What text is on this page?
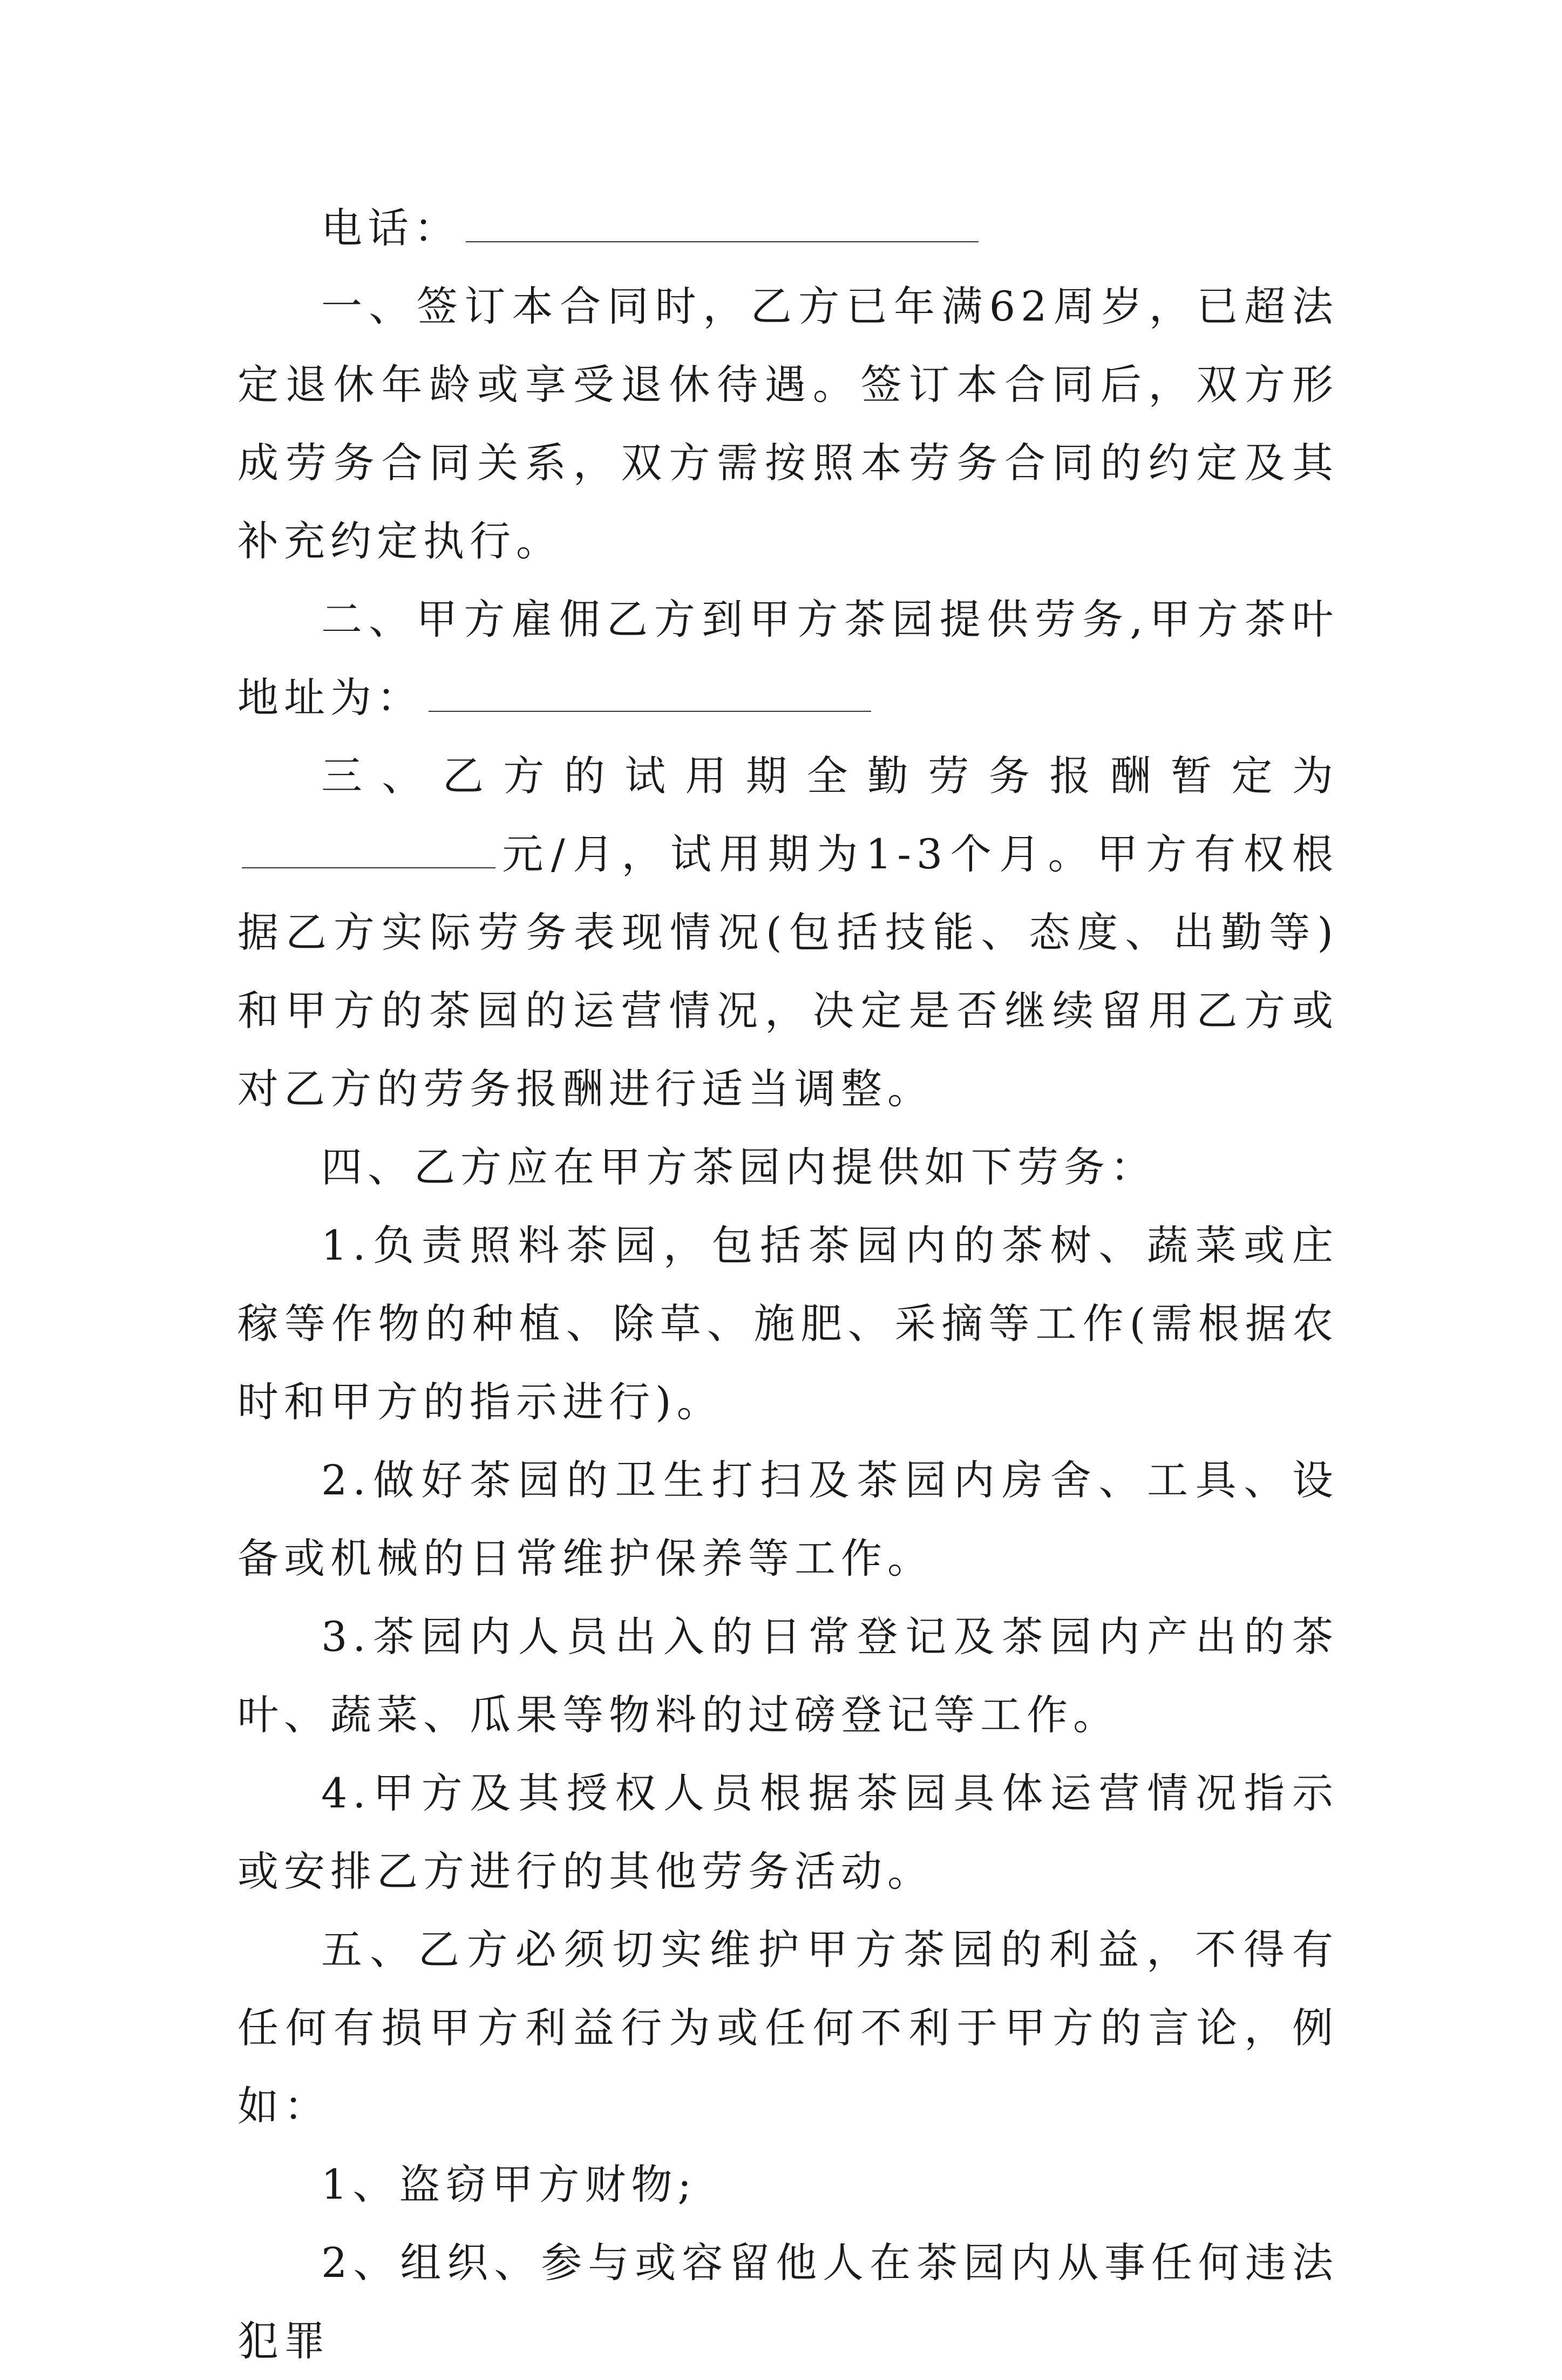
电话：

一、签订本合同时，乙方已年满62周岁，已超法定退休年龄或享受退休待遇。签订本合同后，双方形成劳务合同关系，双方需按照本劳务合同的约定及其补充约定执行。

二、甲方雇佣乙方到甲方茶园提供劳务,甲方茶叶地址为：

三、乙方的试用期全勤劳务报酬暂定为元/月，试用期为1-3个月。甲方有权根据乙方实际劳务表现情况(包括技能、态度、出勤等)和甲方的茶园的运营情况，决定是否继续留用乙方或对乙方的劳务报酬进行适当调整。

四、乙方应在甲方茶园内提供如下劳务：

1.负责照料茶园，包括茶园内的茶树、蔬菜或庄稼等作物的种植、除草、施肥、采摘等工作(需根据农时和甲方的指示进行)。

2.做好茶园的卫生打扫及茶园内房舍、工具、设备或机械的日常维护保养等工作。

3.茶园内人员出入的日常登记及茶园内产出的茶叶、蔬菜、瓜果等物料的过磅登记等工作。

4.甲方及其授权人员根据茶园具体运营情况指示或安排乙方进行的其他劳务活动。

五、乙方必须切实维护甲方茶园的利益，不得有任何有损甲方利益行为或任何不利于甲方的言论，例如：

1、盗窃甲方财物;

2、组织、参与或容留他人在茶园内从事任何违法犯罪
